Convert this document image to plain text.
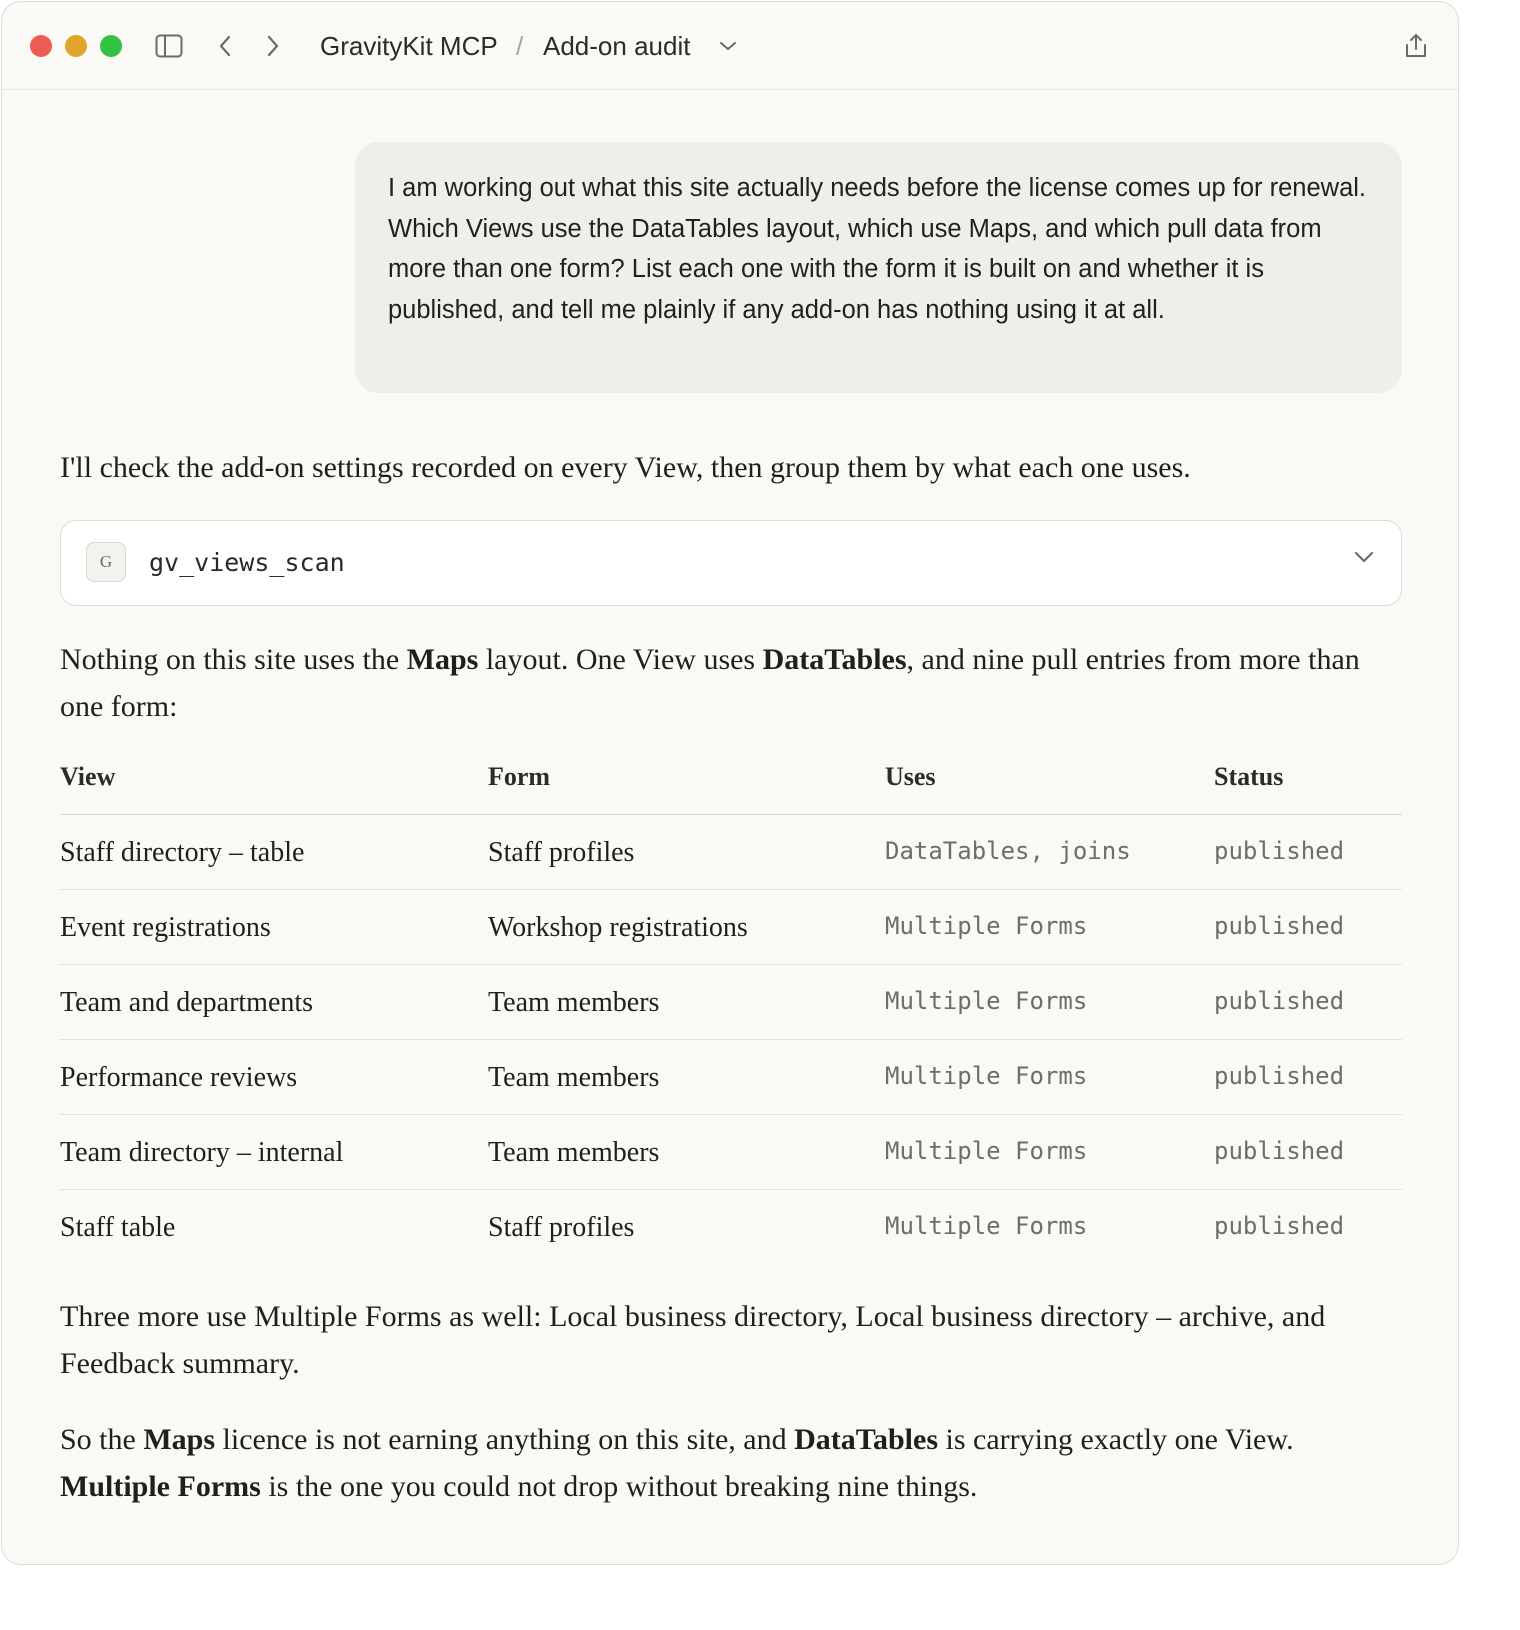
GravityKit MCP / Add-on audit
I am working out what this site actually needs before the license comes up for renewal. Which Views use the DataTables layout, which use Maps, and which pull data from more than one form? List each one with the form it is built on and whether it is published, and tell me plainly if any add-on has nothing using it at all.
I'll check the add-on settings recorded on every View, then group them by what each one uses.
G	gv_views_scan
Nothing on this site uses the Maps layout. One View uses DataTables, and nine pull entries from more than one form:
View	Form	Uses	Status
Staff directory – table	Staff profiles	DataTables, joins	published
Event registrations	Workshop registrations	Multiple Forms	published
Team and departments	Team members	Multiple Forms	published
Performance reviews	Team members	Multiple Forms	published
Team directory – internal	Team members	Multiple Forms	published
Staff table	Staff profiles	Multiple Forms	published
Three more use Multiple Forms as well: Local business directory, Local business directory – archive, and Feedback summary.
So the Maps licence is not earning anything on this site, and DataTables is carrying exactly one View. Multiple Forms is the one you could not drop without breaking nine things.
